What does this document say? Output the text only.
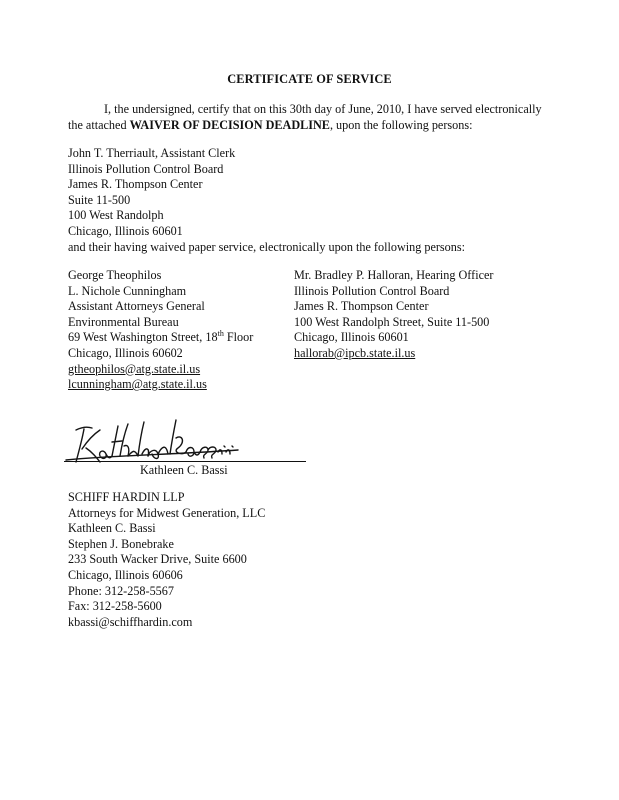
CERTIFICATE OF SERVICE

I, the undersigned, certify that on this 30th day of June, 2010, I have served electronically the attached WAIVER OF DECISION DEADLINE, upon the following persons:

John T. Therriault, Assistant Clerk
Illinois Pollution Control Board
James R. Thompson Center
Suite 11-500
100 West Randolph
Chicago, Illinois 60601
and their having waived paper service, electronically upon the following persons:
George Theophilos
L. Nichole Cunningham
Assistant Attorneys General
Environmental Bureau
69 West Washington Street, 18th Floor
Chicago, Illinois 60602
gtheophilos@atg.state.il.us
lcunningham@atg.state.il.us
Mr. Bradley P. Halloran, Hearing Officer
Illinois Pollution Control Board
James R. Thompson Center
100 West Randolph Street, Suite 11-500
Chicago, Illinois 60601
hallorab@ipcb.state.il.us
Kathleen C. Bassi
SCHIFF HARDIN LLP
Attorneys for Midwest Generation, LLC
Kathleen C. Bassi
Stephen J. Bonebrake
233 South Wacker Drive, Suite 6600
Chicago, Illinois 60606
Phone: 312-258-5567
Fax: 312-258-5600
kbassi@schiffhardin.com
